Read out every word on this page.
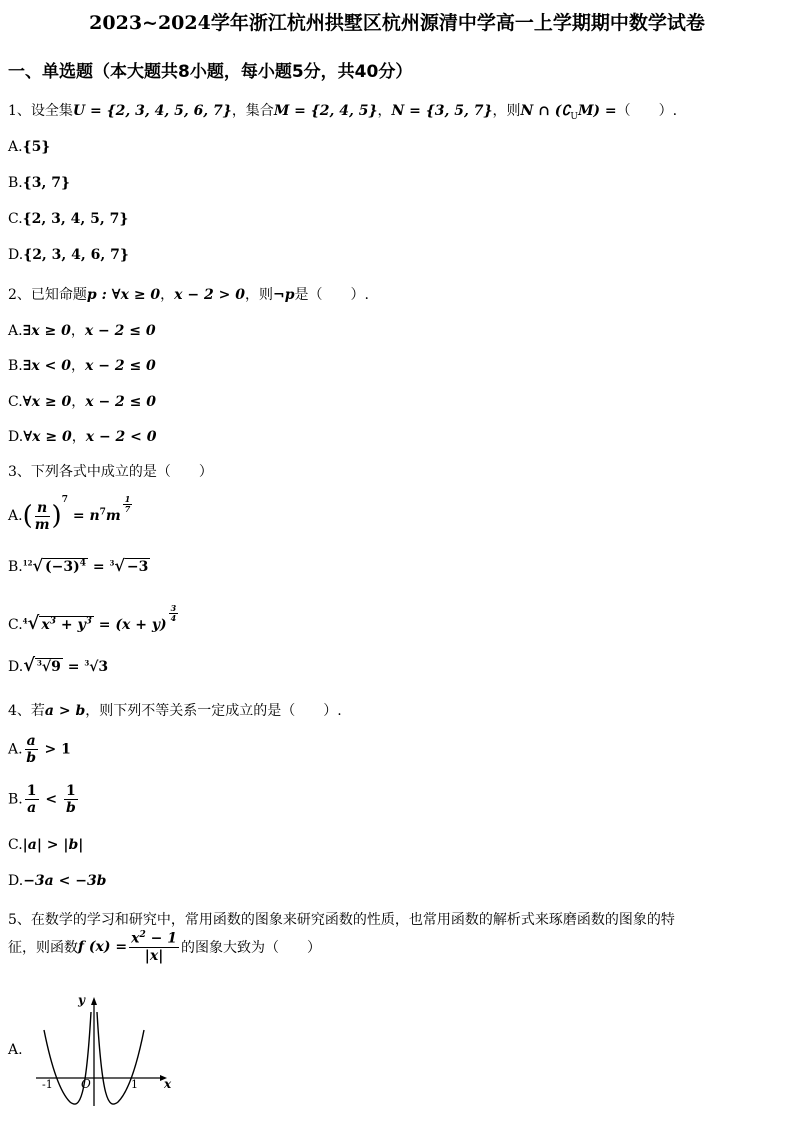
2023~2024学年浙江杭州拱墅区杭州源清中学高一上学期期中数学试卷
一、单选题（本大题共8小题，每小题5分，共40分）
1、设全集U = {2, 3, 4, 5, 6, 7}，集合M = {2, 4, 5}，N = {3, 5, 7}，则N ∩ $(∁_UM)$ =（　　）.
A.{5}
B.{3, 7}
C.{2, 3, 4, 5, 7}
D.{2, 3, 4, 6, 7}
2、已知命题p : ∀x ≥ 0，x − 2 > 0，则¬p是（　　）.
A.∃x ≥ 0，x − 2 ≤ 0
B.∃x < 0，x − 2 ≤ 0
C.∀x ≥ 0，x − 2 ≤ 0
D.∀x ≥ 0，x − 2 < 0
3、下列各式中成立的是（　　）
$A.( \frac{n}{m} )^7 = n^7m$
$\frac{1}{7}$
B.$^{12}$√ $(-3)^4 = ^3√ -3$
C.$^4$√ $x^3 + y^3 = (x + y)$
$\frac{3}{4}$
D.√ $^3$√9 = $^3$√3
4、若a > b，则下列不等关系一定成立的是（　　）.
A. $\frac{a}{b} > 1$
B. $\frac{1}{a} < \frac{1}{b}$
C.|a| > |b|
D.−3a < −3b
5、在数学的学习和研究中，常用函数的图象来研究函数的性质，也常用函数的解析式来琢磨函数的图象的特
征，则函数f $(x) = \frac{x^2 - 1}{|x|}$ 的图象大致为（　　）
A.
y
x
O
-1	1
